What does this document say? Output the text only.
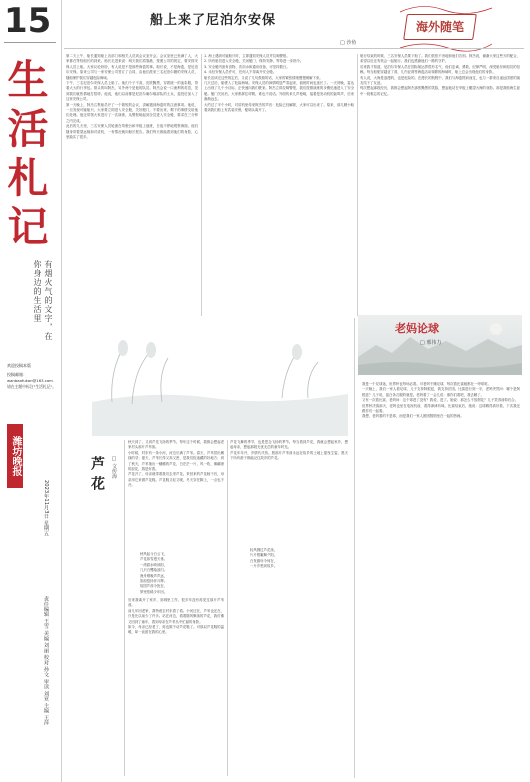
15
生活札记
有烟火气的文字，在你身边的生活里
欢迎投稿本版
投稿邮箱：
wanbaofukan@163.com
请在主题中标注"生活札记"。
潍坊晚报
2023年11月3日 星期五
责任编辑 王雪 美编 刘丽 校对 孙文 审读 刘亚 主编 王萍
船上来了尼泊尔安保
□ 沙鱼
海外随笔
第二天上午，船长通知船上各部门和相关人员到会议室开会。会议室里已坐满了人，大家都在等待船长的到来。船长走进来说：明天我们将靠港，按照公司的规定，要安排安保人员上船。大家议论纷纷，有人说是不是那些海盗的事。船长说，不是海盗，是尼泊尔安保。原来公司与一家安保公司签订了合同，由他们派来三名尼泊尔籍的安保人员，随船保护我们穿越危险海域。
下午，三名尼泊尔安保人员上船了。他们个子不高，皮肤黝黑，穿着统一的迷彩服，背着大大的行李包。领头的叫阿杰，另外两个是他的队员。阿杰会说一口流利的英语，见到我们就热情地打招呼。他说，他们以前都是尼泊尔廓尔喀部队的士兵，退役后加入了这家安保公司。
第一天晚上，阿杰召集船员开了一个简短的会议，讲解遇到海盗时的注意事项。他说，一旦发现可疑船只，大家要立即进入安全舱，关好舱门，不要出来，剩下的事情交给他们处理。他还带领大家进行了一次演练，从警报响起到全员进入安全舱，要求在三分钟之内完成。
此后的几天里，三名安保人员轮流在驾驶台和甲板上值班，日夜不停地观察海面。他们随身带着望远镜和对讲机，一有情况就向船长报告。我们每天都能看到他们的身影，心里踏实了很多。
1. 海上遇到可疑船只时，立即通知安保人员并拉响警报。
2. 所有船员进入安全舱，关闭舱门，保持安静，等待进一步指令。
3. 安全舱内备有食物、饮用水和通讯设备，可坚持数日。
4. 未经安保人员许可，任何人不得离开安全舱。
船长宣读完这些规定后，又说了几句鼓励的话，大家的紧张情绪慢慢缓解下来。
几天过后，船驶入了危险海域。安保人员的神情明显严肃起来，值班时间也延长了。一天傍晚，雷达上出现了几个小目标，正快速向我们驶来。阿杰立即拉响警报，我们按照演练的步骤迅速进入了安全舱。舱门关闭后，大家都屏住呼吸，谁也不说话。外面传来几声枪响，接着是发动机的轰鸣声，后来渐渐远去。
大约过了半个小时，对讲机里传来阿杰的声音：危险已经解除，大家可以出来了。原来，那几艘小船看到我们船上有武装安保，便调头离开了。
航行结束的时候，三名安保人员要下船了。我们依依不舍地和他们告别。阿杰说，谢谢大家这些天的配合，希望以后还有机会一起航行。我们也感谢他们一路的守护。
后来我才知道，尼泊尔安保人员在国际航运界很有名气，他们忠诚、勇敢、纪律严明，深受船东和船员的信赖。每当船舶穿越亚丁湾、几内亚湾等海盗活动频繁的海域时，船上总会出现他们的身影。
有人说，大海是浪漫的，也是危险的。在漫长的航程中，我们与海盗擦肩而过，也与一群来自遥远国度的朋友结下了友谊。
每次想起那段经历，我都会想起阿杰那张黝黑的笑脸，想起他站在甲板上眺望大海的身影。那是我航海生涯中一段难忘的记忆。
老妈论球
□ 邢伟力
我是一个足球迷，世界杯也每场必看。可老妈不懂足球，每次看比赛她都在一旁唠叨。
一天晚上，我们一家人看足球，儿子支持阿根廷，我支持法国。比赛进行到一半，老妈突然问：哪个是阿根廷？儿子说，蓝白条衣服的就是。老妈看了一会儿说：那你们看吧，我去睡了。
又有一次看比赛，老妈问：这个球进了没有？我说，进了。她说：那怎么不放烟花？儿子笑得前仰后合。
世界杯决赛那天，老妈也坐在电视机前，看得津津有味。比赛结束后，她说：这球踢得真好看，下次我还跟你们一起看。
我想，老妈看的不是球，而是我们一家人团团圆圆坐在一起的热闹。
芦花 □ 文传海
秋天到了，又到芦花飞扬的季节。每年这个时候，我都会想起老家村头那片芦苇荡。
小时候，村东有一条小河，河边长满了芦苇。春天，芦苇冒出嫩绿的芽；夏天，芦苇长得又高又密，是我们捉迷藏的好地方；到了秋天，芦苇抽出一穗穗的芦花，白茫茫一片，风一吹，像翻滚的浪花，煞是好看。
芦花开了，母亲就带着我们去采芦花。采回来的芦花晾干后，母亲用它来做芦花鞋。芦花鞋又轻又暖，冬天穿在脚上，一点也不冷。
秋风起兮白云飞，
芦花如雪漫天垂。
一湾碧水映斜阳，
几只白鹭踏浪归。
渔舟唱晚声声远，
笛韵悠扬伴月辉。
故园芦荡今犹在，
梦里依稀少年回。
后来我离开了家乡，到城里工作，很多年没有再见过那片芦苇荡。
前几年回老家，我特意去村东看了看。小河还在，芦苇也还在，只是比以前少了许多。站在河边，看着随风飘荡的芦花，我仿佛又回到了童年，看到母亲在芦苇丛中忙碌的身影。
如今，母亲已经老了，再也做不动芦花鞋了。可那双芦花鞋的温暖，却一直留在我的心里。
芦花飞舞的季节，也是思念飞扬的季节。每当看到芦花，我就会想起家乡，想起母亲，想起那段无忧无虑的童年时光。
芦花年年开，乡情代代传。愿那片芦苇荡永远在故乡的土地上摇曳生姿，愿天下所有游子都能记住故乡的芦花。
轻风拂过芦花荡，
片片银絮舞夕阳。
白发慈母今何在，
一片乡愁到故乡。
